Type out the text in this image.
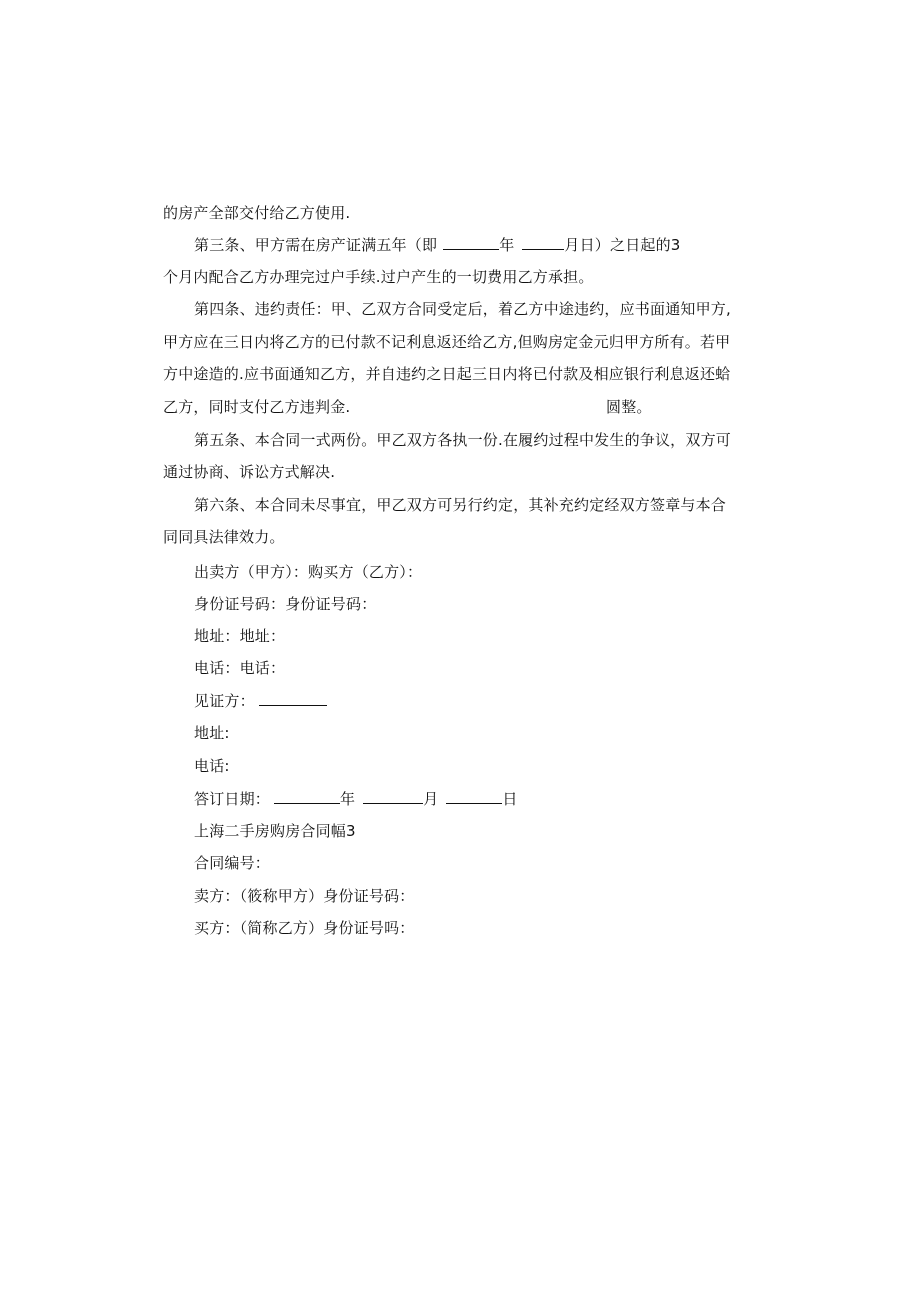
的房产全部交付给乙方使用.
第三条、甲方需在房产证满五年（即	年	月日）之日起的3
个月内配合乙方办理完过户手续.过户产生的一切费用乙方承担。
第四条、违约责任：甲、乙双方合同受定后，着乙方中途违约，应书面通知甲方,
甲方应在三日内将乙方的已付款不记利息返还给乙方,但购房定金元归甲方所有。若甲
方中途造的.应书面通知乙方，并自违约之日起三日内将已付款及相应银行利息返还蛤
乙方，同时支付乙方违判金.	圆整。
第五条、本合同一式两份。甲乙双方各执一份.在履约过程中发生的争议，双方可
通过协商、诉讼方式解决.
第六条、本合同未尽事宜，甲乙双方可另行约定，其补充约定经双方签章与本合
同同具法律效力。
出卖方（甲方）：购买方（乙方）：
身份证号码：身份证号码：
地址：地址：
电话：电话：
见证方：
地址:
电话:
答订日期：	年	月	日
上海二手房购房合同幅3
合同编号：
卖方：（筱称甲方）身份证号码：
买方：（简称乙方）身份证号吗：
